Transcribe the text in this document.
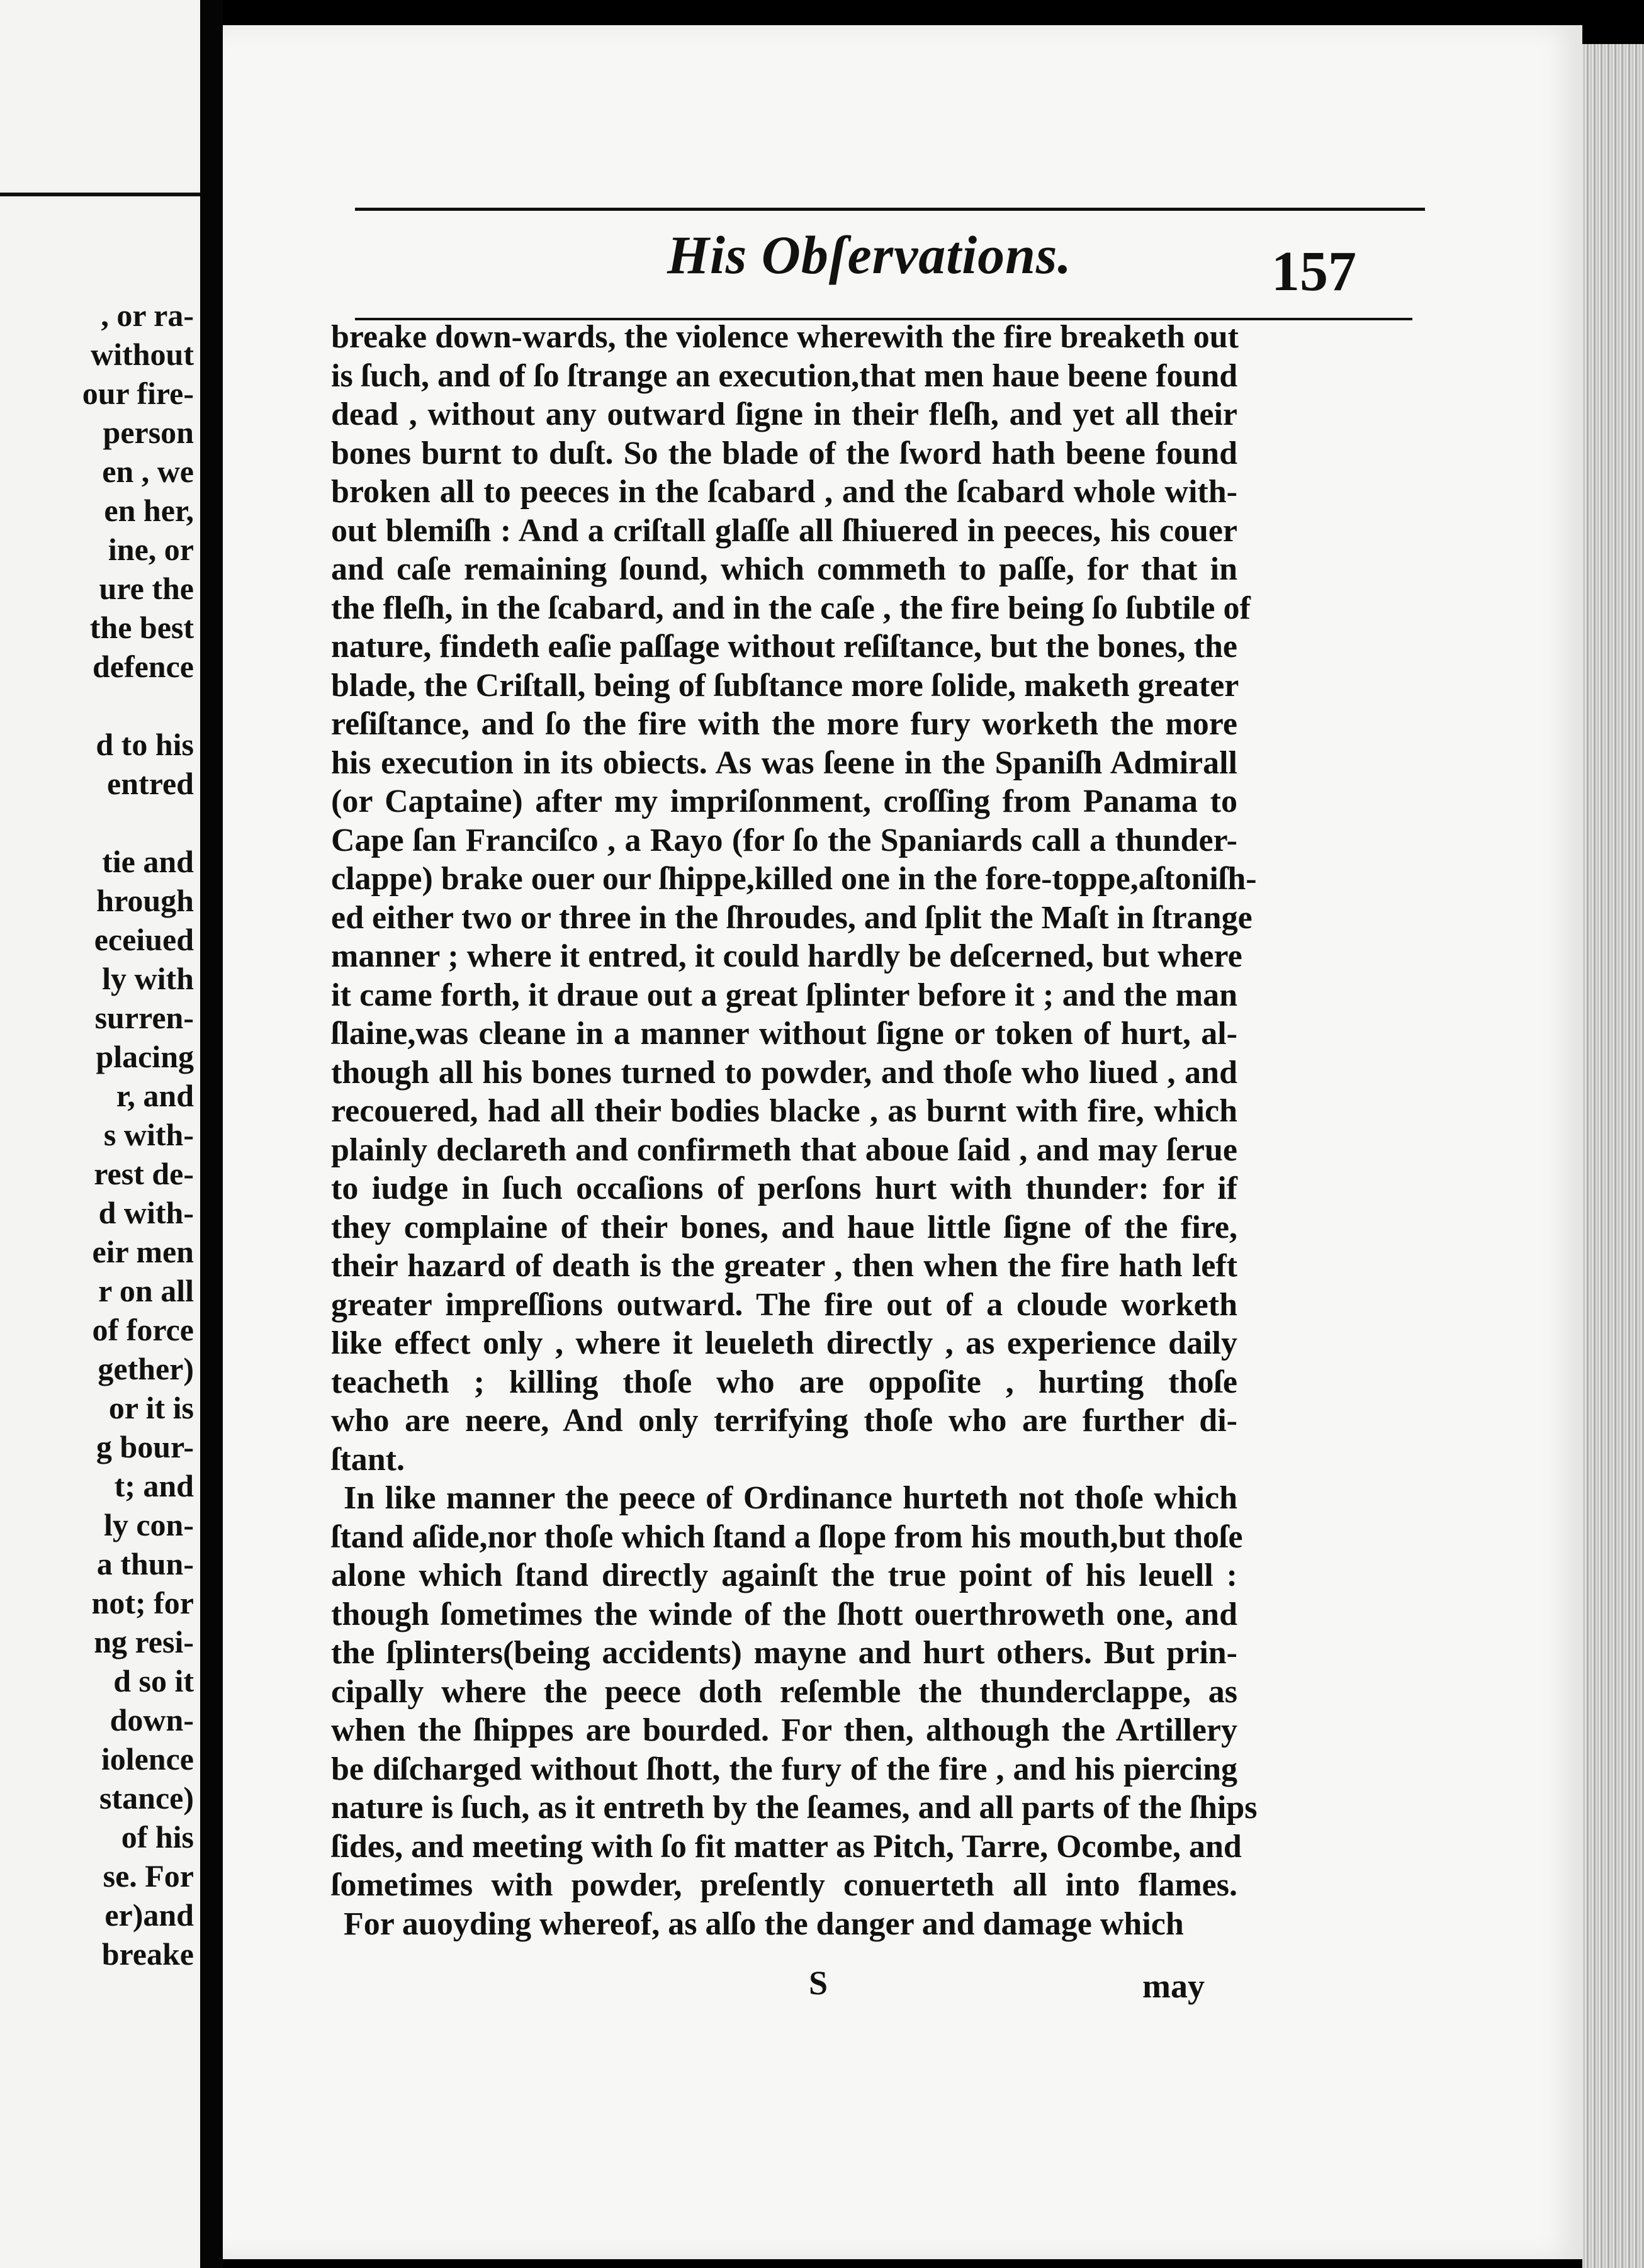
, or ra-
without
our fire-
person
en , we
en her,
ine, or
ure the
the best
defence
d to his
entred
tie and
hrough
eceiued
ly with
surren-
placing
r, and
s with-
rest de-
d with-
eir men
r on all
of force
gether)
or it is
g bour-
t; and
ly con-
a thun-
not; for
ng resi-
d so it
down-
iolence
stance)
of his
se. For
er)and
breake
His Obſervations.	157
breake down-wards, the violence wherewith the fire breaketh out
is ſuch, and of ſo ſtrange an execution,that men haue beene found
dead , without any outward ſigne in their fleſh, and yet all their
bones burnt to duſt. So the blade of the ſword hath beene found
broken all to peeces in the ſcabard , and the ſcabard whole with-
out blemiſh : And a criſtall glaſſe all ſhiuered in peeces, his couer
and caſe remaining ſound, which commeth to paſſe, for that in
the fleſh, in the ſcabard, and in the caſe , the fire being ſo ſubtile of
nature, findeth eaſie paſſage without reſiſtance, but the bones, the
blade, the Criſtall, being of ſubſtance more ſolide, maketh greater
reſiſtance, and ſo the fire with the more fury worketh the more
his execution in its obiects. As was ſeene in the Spaniſh Admirall
(or Captaine) after my impriſonment, croſſing from Panama to
Cape ſan Franciſco , a Rayo (for ſo the Spaniards call a thunder-
clappe) brake ouer our ſhippe,killed one in the fore-toppe,aſtoniſh-
ed either two or three in the ſhroudes, and ſplit the Maſt in ſtrange
manner ; where it entred, it could hardly be deſcerned, but where
it came forth, it draue out a great ſplinter before it ; and the man
ſlaine,was cleane in a manner without ſigne or token of hurt, al-
though all his bones turned to powder, and thoſe who liued , and
recouered, had all their bodies blacke , as burnt with fire, which
plainly declareth and confirmeth that aboue ſaid , and may ſerue
to iudge in ſuch occaſions of perſons hurt with thunder: for if
they complaine of their bones, and haue little ſigne of the fire,
their hazard of death is the greater , then when the fire hath left
greater impreſſions outward. The fire out of a cloude worketh
like effect only , where it leueleth directly , as experience daily
teacheth ; killing thoſe who are oppoſite , hurting thoſe
who are neere, And only terrifying thoſe who are further di-
ſtant.
In like manner the peece of Ordinance hurteth not thoſe which
ſtand aſide,nor thoſe which ſtand a ſlope from his mouth,but thoſe
alone which ſtand directly againſt the true point of his leuell :
though ſometimes the winde of the ſhott ouerthroweth one, and
the ſplinters(being accidents) mayne and hurt others. But prin-
cipally where the peece doth reſemble the thunderclappe, as
when the ſhippes are bourded. For then, although the Artillery
be diſcharged without ſhott, the fury of the fire , and his piercing
nature is ſuch, as it entreth by the ſeames, and all parts of the ſhips
ſides, and meeting with ſo fit matter as Pitch, Tarre, Ocombe, and
ſometimes with powder, preſently conuerteth all into flames.
For auoyding whereof, as alſo the danger and damage which
S	may
